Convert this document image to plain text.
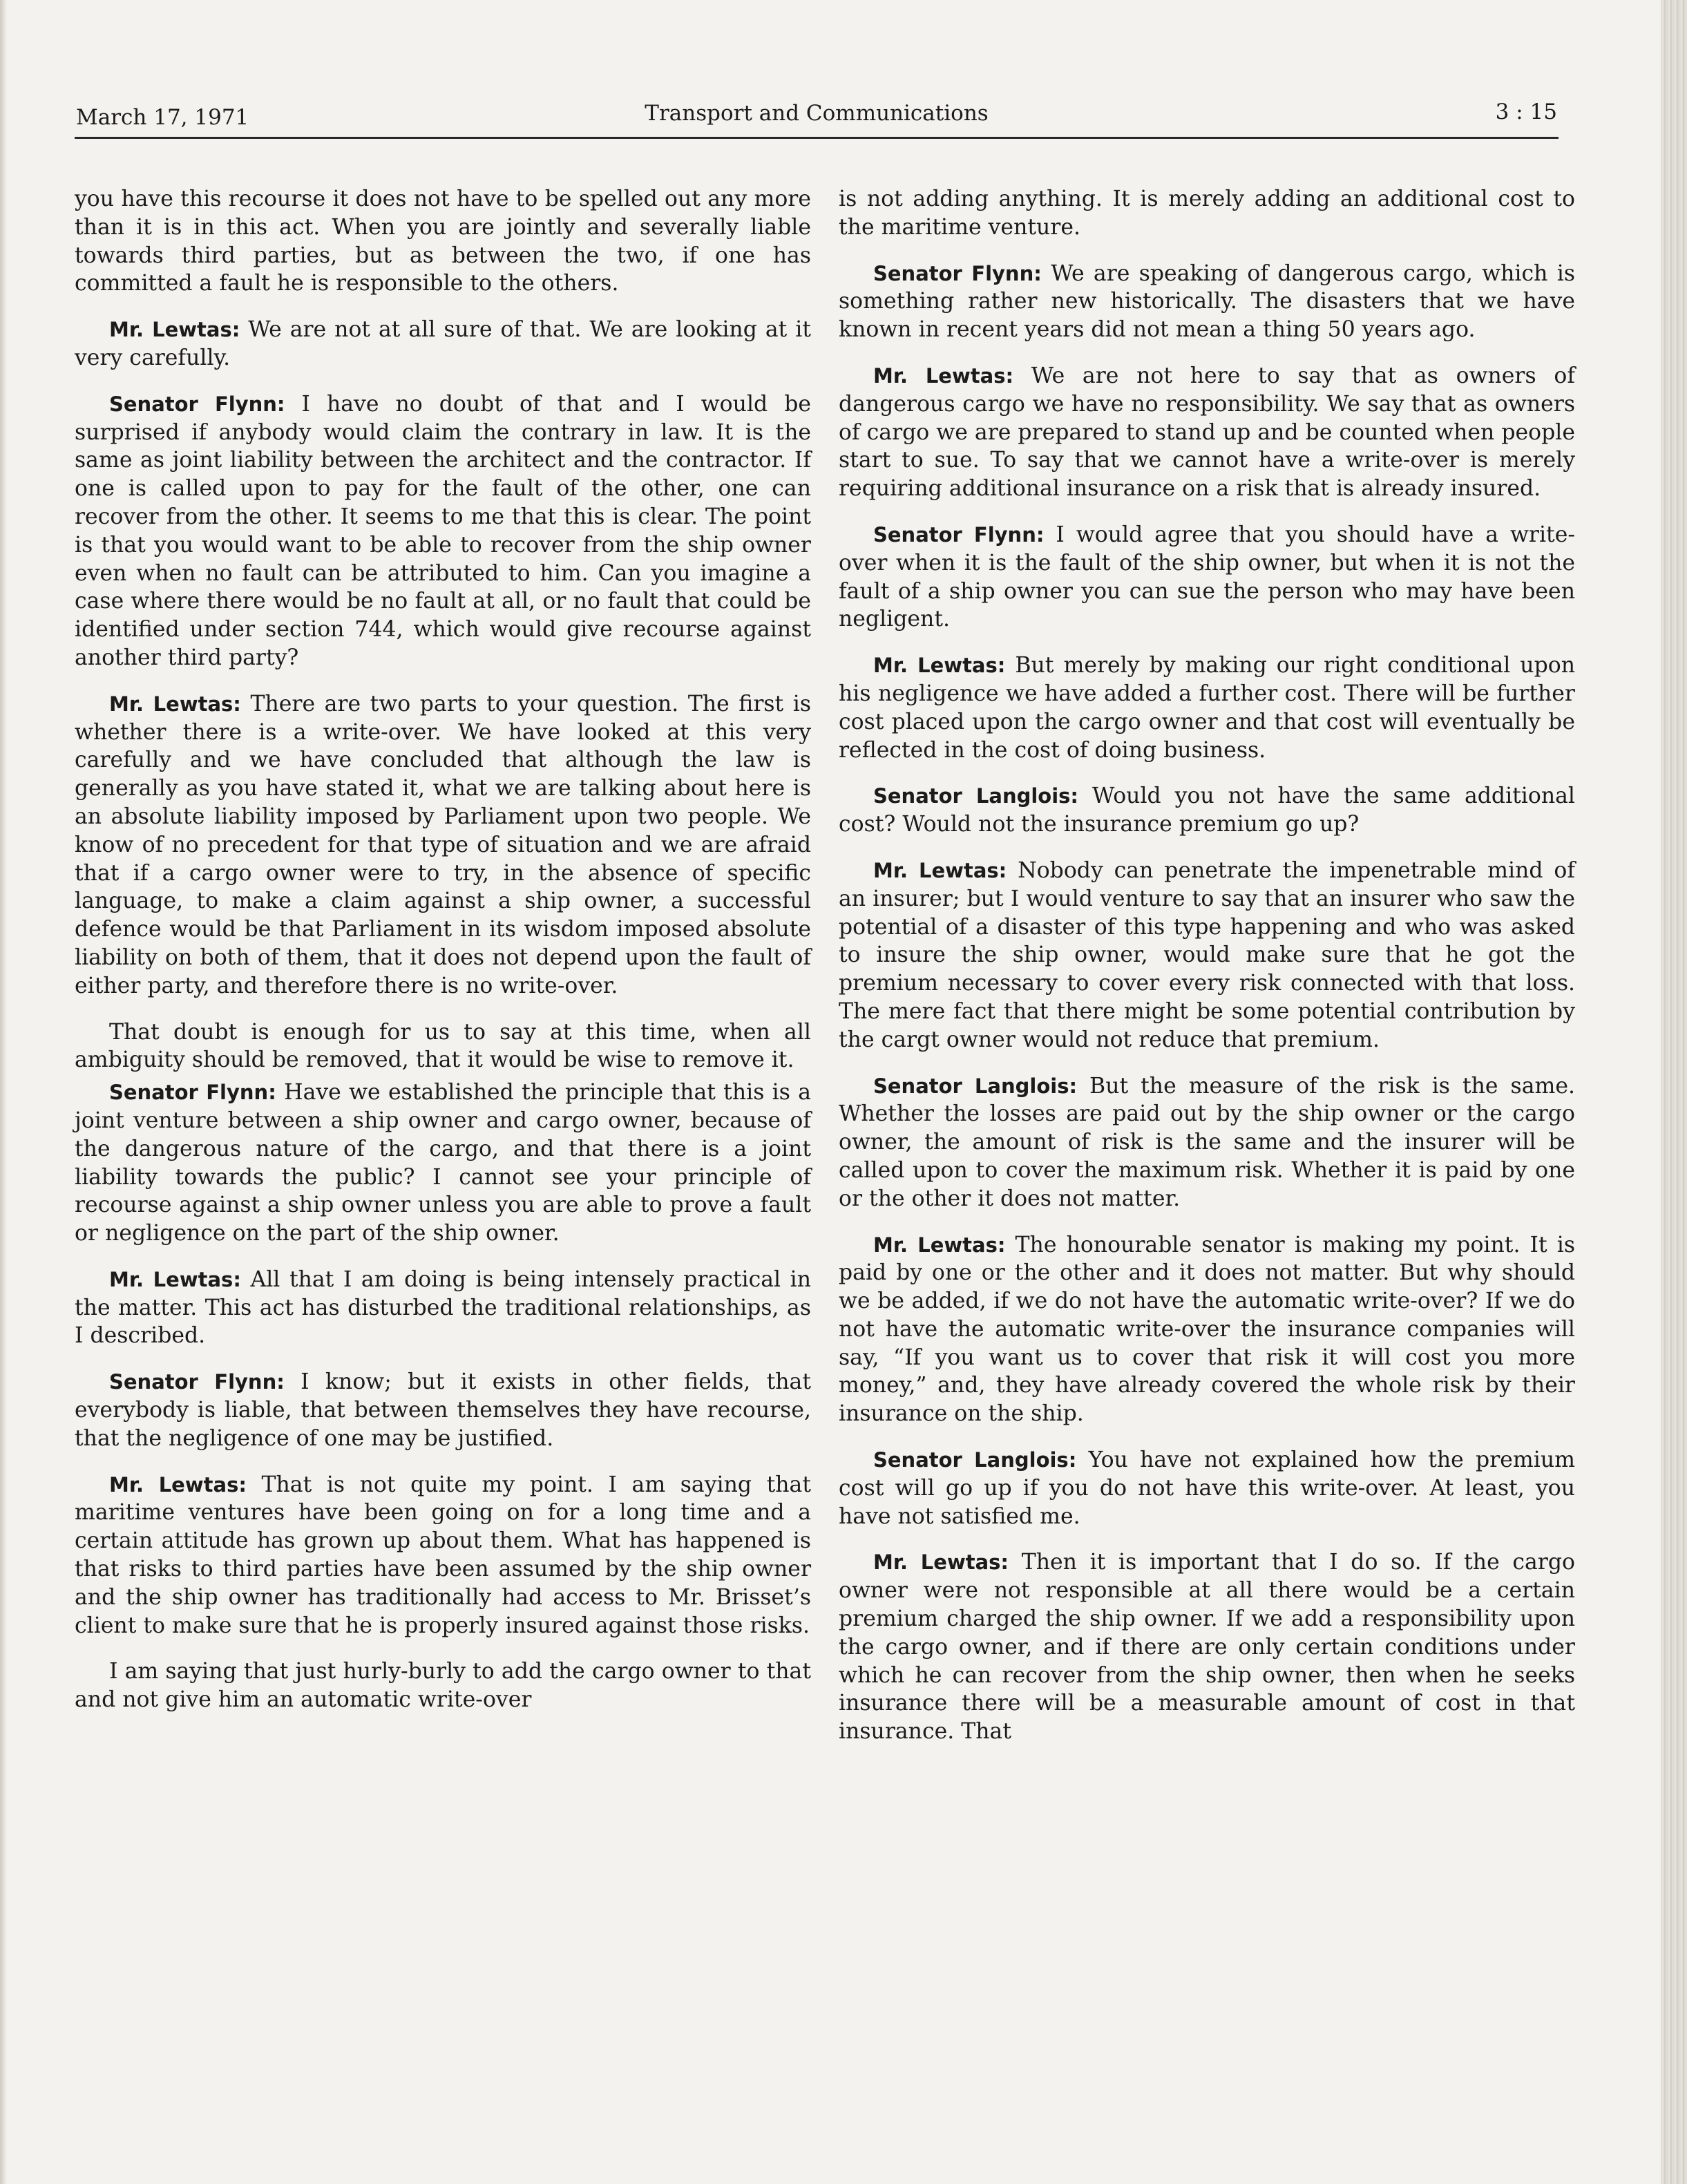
March 17, 1971	Transport and Communications	3 : 15

you have this recourse it does not have to be spelled out any more than it is in this act. When you are jointly and severally liable towards third parties, but as between the two, if one has committed a fault he is responsible to the others.

Mr. Lewtas: We are not at all sure of that. We are looking at it very carefully.

Senator Flynn: I have no doubt of that and I would be surprised if anybody would claim the contrary in law. It is the same as joint liability between the architect and the contractor. If one is called upon to pay for the fault of the other, one can recover from the other. It seems to me that this is clear. The point is that you would want to be able to recover from the ship owner even when no fault can be attributed to him. Can you imagine a case where there would be no fault at all, or no fault that could be identified under section 744, which would give recourse against another third party?

Mr. Lewtas: There are two parts to your question. The first is whether there is a write-over. We have looked at this very carefully and we have concluded that although the law is generally as you have stated it, what we are talking about here is an absolute liability imposed by Parliament upon two people. We know of no precedent for that type of situation and we are afraid that if a cargo owner were to try, in the absence of specific language, to make a claim against a ship owner, a successful defence would be that Parliament in its wisdom imposed absolute liability on both of them, that it does not depend upon the fault of either party, and therefore there is no write-over.

That doubt is enough for us to say at this time, when all ambiguity should be removed, that it would be wise to remove it.

Senator Flynn: Have we established the principle that this is a joint venture between a ship owner and cargo owner, because of the dangerous nature of the cargo, and that there is a joint liability towards the public? I cannot see your principle of recourse against a ship owner unless you are able to prove a fault or negligence on the part of the ship owner.

Mr. Lewtas: All that I am doing is being intensely practical in the matter. This act has disturbed the traditional relationships, as I described.

Senator Flynn: I know; but it exists in other fields, that everybody is liable, that between themselves they have recourse, that the negligence of one may be justified.

Mr. Lewtas: That is not quite my point. I am saying that maritime ventures have been going on for a long time and a certain attitude has grown up about them. What has happened is that risks to third parties have been assumed by the ship owner and the ship owner has traditionally had access to Mr. Brisset’s client to make sure that he is properly insured against those risks.

I am saying that just hurly-burly to add the cargo owner to that and not give him an automatic write-over

is not adding anything. It is merely adding an additional cost to the maritime venture.

Senator Flynn: We are speaking of dangerous cargo, which is something rather new historically. The disasters that we have known in recent years did not mean a thing 50 years ago.

Mr. Lewtas: We are not here to say that as owners of dangerous cargo we have no responsibility. We say that as owners of cargo we are prepared to stand up and be counted when people start to sue. To say that we cannot have a write-over is merely requiring additional insurance on a risk that is already insured.

Senator Flynn: I would agree that you should have a write-over when it is the fault of the ship owner, but when it is not the fault of a ship owner you can sue the person who may have been negligent.

Mr. Lewtas: But merely by making our right conditional upon his negligence we have added a further cost. There will be further cost placed upon the cargo owner and that cost will eventually be reflected in the cost of doing business.

Senator Langlois: Would you not have the same additional cost? Would not the insurance premium go up?

Mr. Lewtas: Nobody can penetrate the impenetrable mind of an insurer; but I would venture to say that an insurer who saw the potential of a disaster of this type happening and who was asked to insure the ship owner, would make sure that he got the premium necessary to cover every risk connected with that loss. The mere fact that there might be some potential contribution by the cargt owner would not reduce that premium.

Senator Langlois: But the measure of the risk is the same. Whether the losses are paid out by the ship owner or the cargo owner, the amount of risk is the same and the insurer will be called upon to cover the maximum risk. Whether it is paid by one or the other it does not matter.

Mr. Lewtas: The honourable senator is making my point. It is paid by one or the other and it does not matter. But why should we be added, if we do not have the automatic write-over? If we do not have the automatic write-over the insurance companies will say, “If you want us to cover that risk it will cost you more money,” and, they have already covered the whole risk by their insurance on the ship.

Senator Langlois: You have not explained how the premium cost will go up if you do not have this write-over. At least, you have not satisfied me.

Mr. Lewtas: Then it is important that I do so. If the cargo owner were not responsible at all there would be a certain premium charged the ship owner. If we add a responsibility upon the cargo owner, and if there are only certain conditions under which he can recover from the ship owner, then when he seeks insurance there will be a measurable amount of cost in that insurance. That
